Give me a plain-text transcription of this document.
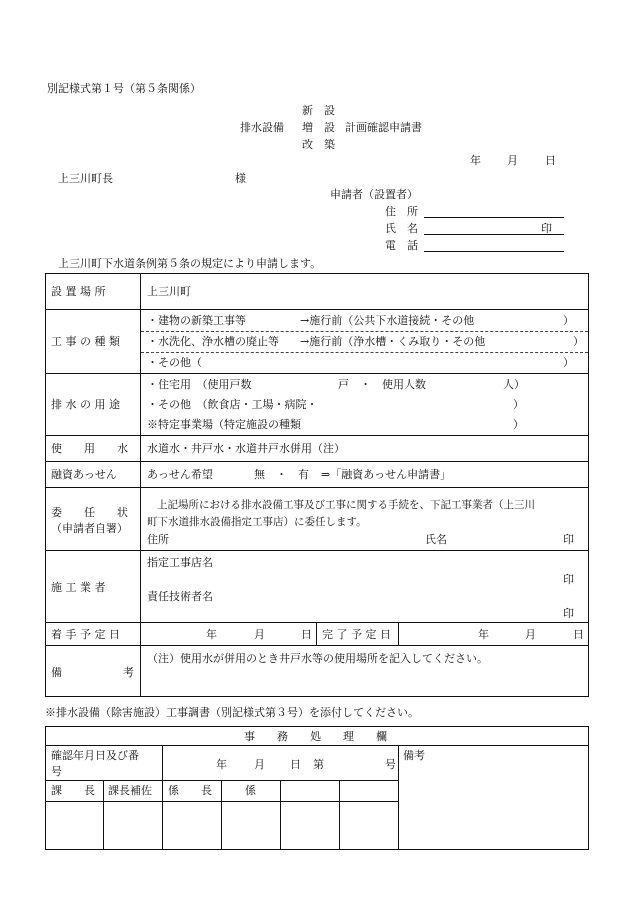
別記様式第１号（第５条関係）
新　設
排水設備 増　設 計画確認申請書
改　築
年 月 日
上三川町長	様
申請者（設置者）
住　所
氏　名	印
電　話
上三川町下水道条例第５条の規定により申請します。
設 置 場 所	上三川町
工 事 の 種 類
・建物の新築工事等	→施行前（公共下水道接続・その他	）
・水洗化、浄水槽の廃止等 →施行前（浄水槽・くみ取り・その他	）
・その他（	）
排 水 の 用 途
・住宅用　（使用戸数	戸　・　使用人数	人）
・その他　（飲食店・工場・病院・	）
※特定事業場（特定施設の種類	）
使　　用　　水 水道水・井戸水・水道井戸水併用（注）
融資あっせん	あっせん希望	無　・　有 ⇒「融資あっせん申請書」
委　　任　　状
（申請者自署）
上記場所における排水設備工事及び工事に関する手続を、下記工事業者（上三川
町下水道排水設備指定工事店）に委任します。
住所	氏名	印
施 工 業 者
指定工事店名
印
責任技術者名
印
着 手 予 定 日	年	月	日 完 了 予 定 日	年	月	日
備	考
（注）使用水が併用のとき井戸水等の使用場所を記入してください。
※排水設備（除害施設）工事調書（別記様式第３号）を添付してください。
事　　務　　処　　理　　欄
確認年月日及び番
号
年 月 日 第	号
備考
課　　長 課長補佐 係　　長	係
